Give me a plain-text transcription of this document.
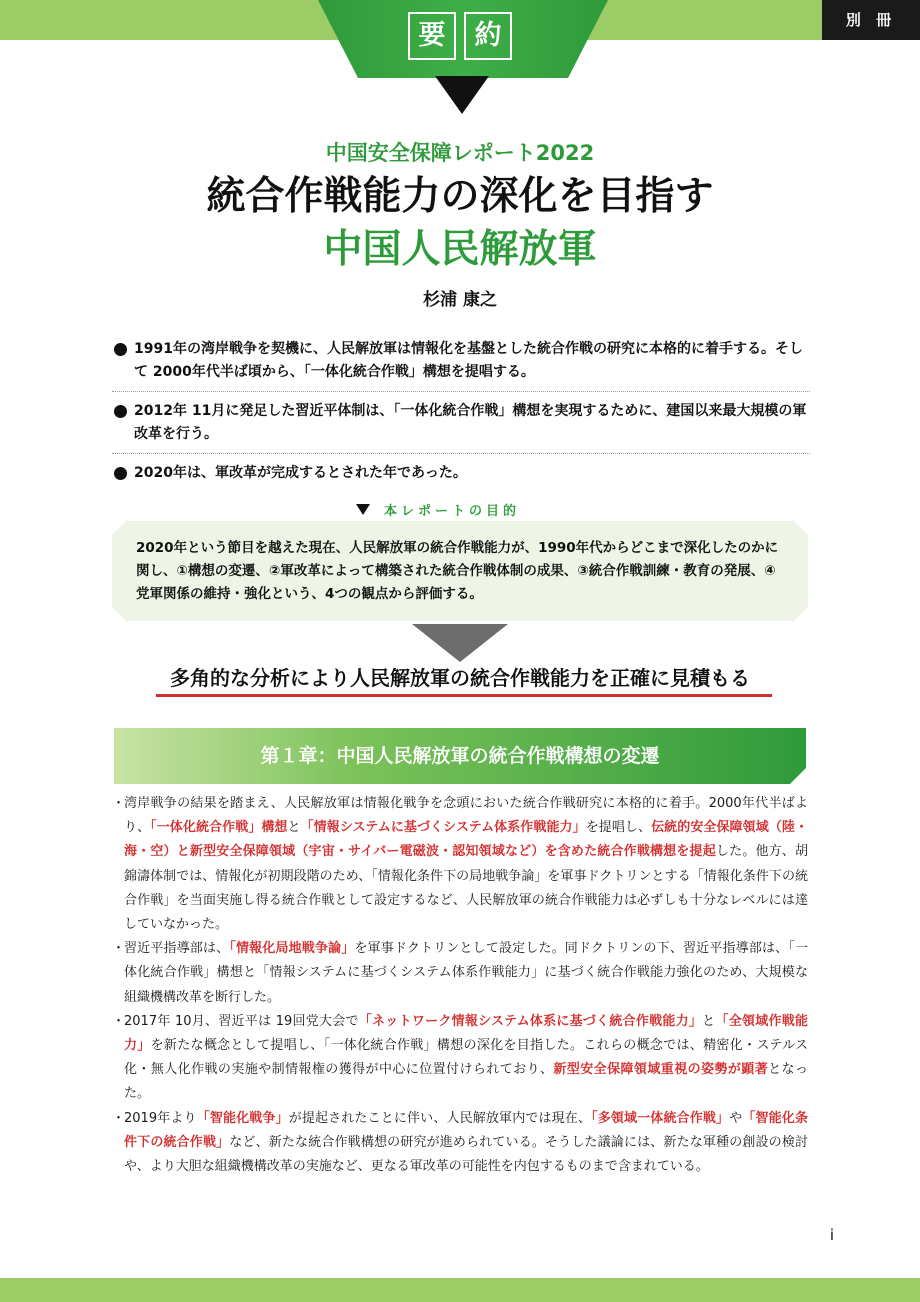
要	約	別 冊
中国安全保障レポート2022
統合作戦能力の深化を目指す
中国人民解放軍
杉浦 康之
1991年の湾岸戦争を契機に、人民解放軍は情報化を基盤とした統合作戦の研究に本格的に着手する。そして 2000年代半ば頃から、「一体化統合作戦」構想を提唱する。
2012年 11月に発足した習近平体制は、「一体化統合作戦」構想を実現するために、建国以来最大規模の軍改革を行う。
2020年は、軍改革が完成するとされた年であった。
本レポートの目的
2020年という節目を越えた現在、人民解放軍の統合作戦能力が、1990年代からどこまで深化したのかに関し、①構想の変遷、②軍改革によって構築された統合作戦体制の成果、③統合作戦訓練・教育の発展、④党軍関係の維持・強化という、4つの観点から評価する。
多角的な分析により人民解放軍の統合作戦能力を正確に見積もる
第１章：中国人民解放軍の統合作戦構想の変遷

・
湾岸戦争の結果を踏まえ、人民解放軍は情報化戦争を念頭においた統合作戦研究に本格的に着手。2000年代半ばより、「一体化統合作戦」構想と「情報システムに基づくシステム体系作戦能力」を提唱し、伝統的安全保障領域（陸・海・空）と新型安全保障領域（宇宙・サイバー電磁波・認知領域など）を含めた統合作戦構想を提起した。他方、胡錦濤体制では、情報化が初期段階のため、「情報化条件下の局地戦争論」を軍事ドクトリンとする「情報化条件下の統合作戦」を当面実施し得る統合作戦として設定するなど、人民解放軍の統合作戦能力は必ずしも十分なレベルには達していなかった。

・
習近平指導部は、「情報化局地戦争論」を軍事ドクトリンとして設定した。同ドクトリンの下、習近平指導部は、「一体化統合作戦」構想と「情報システムに基づくシステム体系作戦能力」に基づく統合作戦能力強化のため、大規模な組織機構改革を断行した。

・
2017年 10月、習近平は 19回党大会で「ネットワーク情報システム体系に基づく統合作戦能力」と「全領域作戦能力」を新たな概念として提唱し、「一体化統合作戦」構想の深化を目指した。これらの概念では、精密化・ステルス化・無人化作戦の実施や制情報権の獲得が中心に位置付けられており、新型安全保障領域重視の姿勢が顕著となった。

・
2019年より「智能化戦争」が提起されたことに伴い、人民解放軍内では現在、「多領域一体統合作戦」や「智能化条件下の統合作戦」など、新たな統合作戦構想の研究が進められている。そうした議論には、新たな軍種の創設の検討や、より大胆な組織機構改革の実施など、更なる軍改革の可能性を内包するものまで含まれている。

i
